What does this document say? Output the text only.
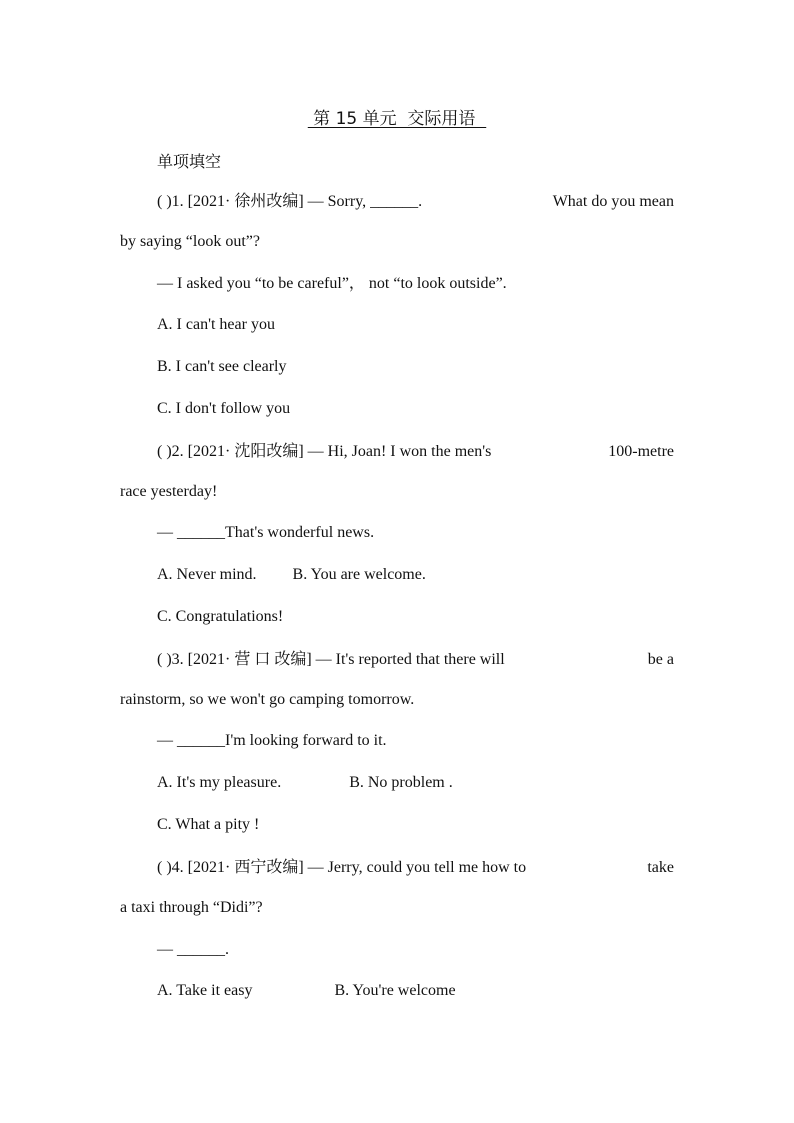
第 15 单元  交际用语
单项填空
( )1. [2021· 徐州改编] — Sorry, ______.	What do you mean
by saying “look out”?
— I asked you “to be careful”， not “to look outside”.
A. I can't hear you
B. I can't see clearly
C. I don't follow you
( )2. [2021· 沈阳改编] — Hi, Joan! I won the men's	100-metre
race yesterday!
— ______That's wonderful news.
A. Never mind. B. You are welcome.
C. Congratulations!
( )3. [2021· 营 口 改编] — It's reported that there will	be a
rainstorm, so we won't go camping tomorrow.
— ______I'm looking forward to it.
A. It's my pleasure.	B. No problem .
C. What a pity !
( )4. [2021· 西宁改编] — Jerry, could you tell me how to	take
a taxi through “Didi”?
— ______.
A. Take it easy	B. You're welcome
